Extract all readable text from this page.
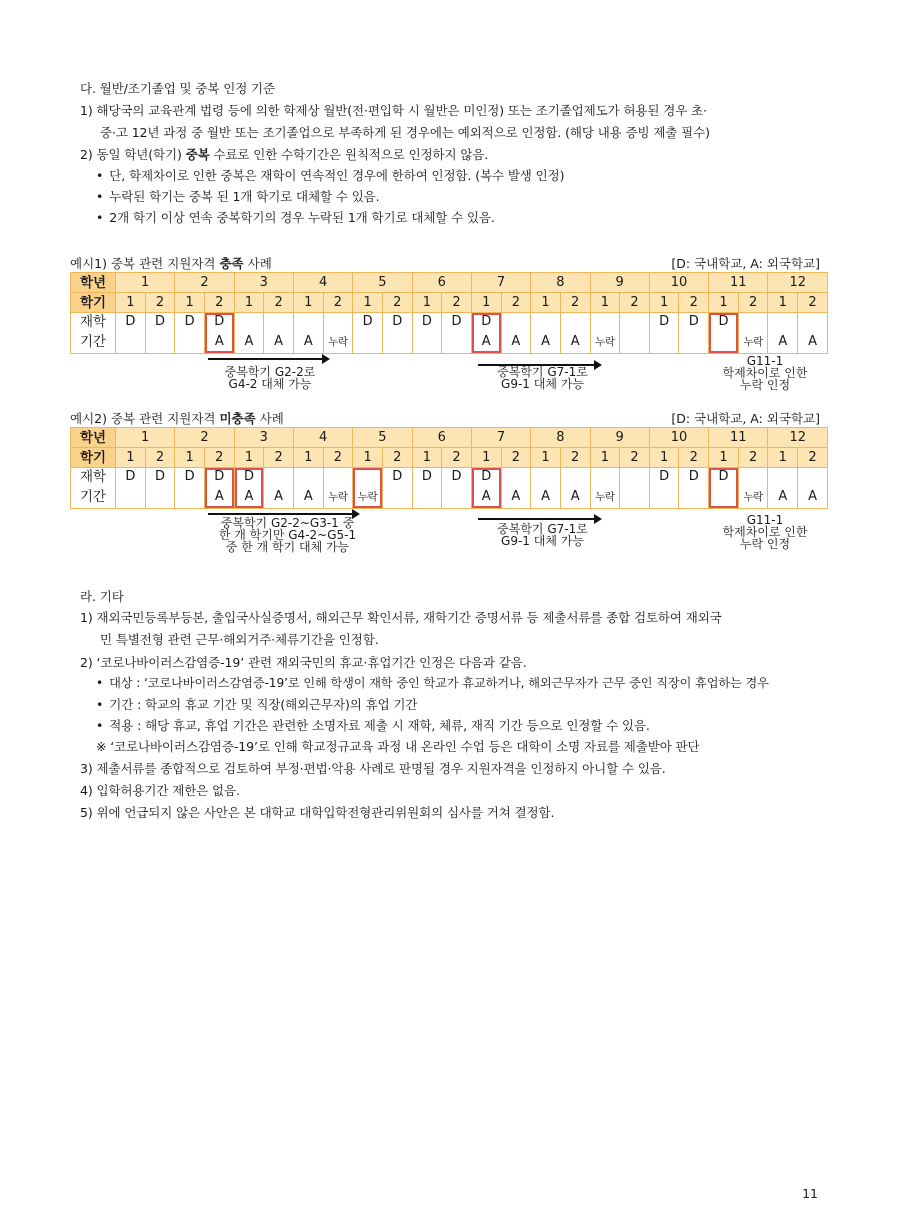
다. 월반/조기졸업 및 중복 인정 기준
1) 해당국의 교육관계 법령 등에 의한 학제상 월반(전·편입학 시 월반은 미인정) 또는 조기졸업제도가 허용된 경우 초·
중·고 12년 과정 중 월반 또는 조기졸업으로 부족하게 된 경우에는 예외적으로 인정함. (해당 내용 증빙 제출 필수)
2) 동일 학년(학기) 중복 수료로 인한 수학기간은 원칙적으로 인정하지 않음.
• 단, 학제차이로 인한 중복은 재학이 연속적인 경우에 한하여 인정함. (복수 발생 인정)
• 누락된 학기는 중복 된 1개 학기로 대체할 수 있음.
• 2개 학기 이상 연속 중복학기의 경우 누락된 1개 학기로 대체할 수 있음.
예시1) 중복 관련 지원자격 충족 사례	[D: 국내학교, A: 외국학교]
학년	1		2		3		4		5		6		7		8		9		10		11		12	
학기	1	2	1	2	1	2	1	2	1	2	1	2	1	2	1	2	1	2	1	2	1	2	1	2
재학	D	D	D	D					D	D	D	D	D						D	D	D			
기간				A	A	A	A	누락					A	A	A	A	누락					누락	A	A
중복학기 G2-2로
G4-2 대체 가능
중복학기 G7-1로
G9-1 대체 가능
G11-1
학제차이로 인한
누락 인정
예시2) 중복 관련 지원자격 미충족 사례	[D: 국내학교, A: 외국학교]
학년	1		2		3		4		5		6		7		8		9		10		11		12	
학기	1	2	1	2	1	2	1	2	1	2	1	2	1	2	1	2	1	2	1	2	1	2	1	2
재학	D	D	D	D	D					D	D	D	D						D	D	D			
기간				A	A	A	A	누락	누락				A	A	A	A	누락					누락	A	A
중복학기 G2-2~G3-1 중
한 개 학기만 G4-2~G5-1
중 한 개 학기 대체 가능
중복학기 G7-1로
G9-1 대체 가능
G11-1
학제차이로 인한
누락 인정
라. 기타
1) 재외국민등록부등본, 출입국사실증명서, 해외근무 확인서류, 재학기간 증명서류 등 제출서류를 종합 검토하여 재외국
민 특별전형 관련 근무·해외거주·체류기간을 인정함.
2) ‘코로나바이러스감염증-19’ 관련 재외국민의 휴교·휴업기간 인정은 다음과 같음.
• 대상 : ‘코로나바이러스감염증-19’로 인해 학생이 재학 중인 학교가 휴교하거나, 해외근무자가 근무 중인 직장이 휴업하는 경우
• 기간 : 학교의 휴교 기간 및 직장(해외근무자)의 휴업 기간
• 적용 : 해당 휴교, 휴업 기간은 관련한 소명자료 제출 시 재학, 체류, 재직 기간 등으로 인정할 수 있음.
※ ‘코로나바이러스감염증-19’로 인해 학교정규교육 과정 내 온라인 수업 등은 대학이 소명 자료를 제출받아 판단
3) 제출서류를 종합적으로 검토하여 부정·편법·악용 사례로 판명될 경우 지원자격을 인정하지 아니할 수 있음.
4) 입학허용기간 제한은 없음.
5) 위에 언급되지 않은 사안은 본 대학교 대학입학전형관리위원회의 심사를 거쳐 결정함.
11
